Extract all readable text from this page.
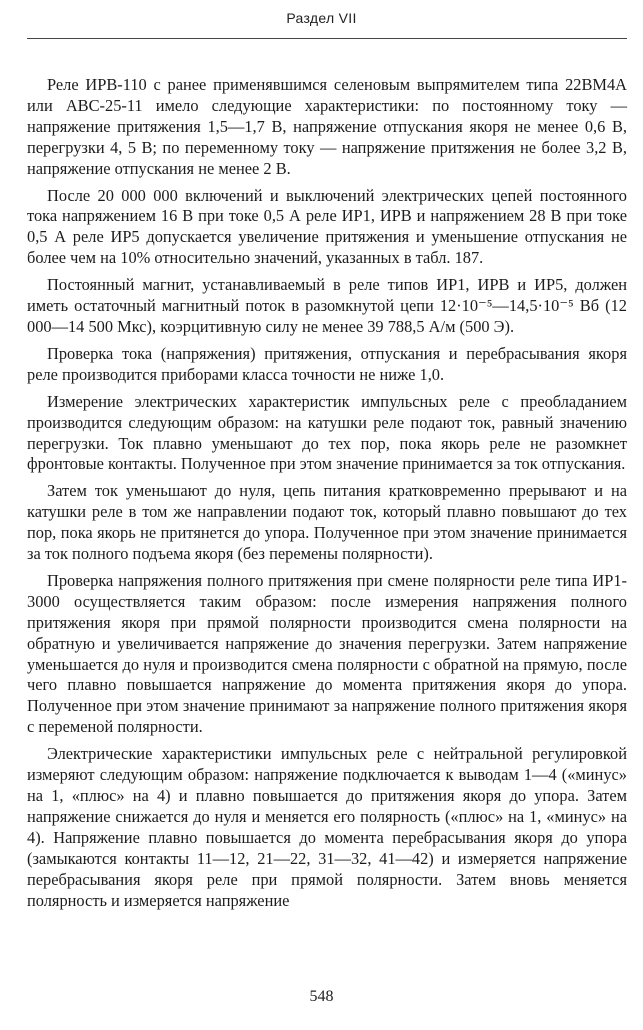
Раздел VII

Реле ИРВ-110 с ранее применявшимся селеновым выпрямителем типа 22ВМ4А или АВС-25-11 имело следующие характеристики: по постоянному току — напряжение притяжения 1,5—1,7 В, напряжение отпускания якоря не менее 0,6 В, перегрузки 4, 5 В; по переменному току — напряжение притяжения не более 3,2 В, напряжение отпускания не менее 2 В.

После 20 000 000 включений и выключений электрических цепей постоянного тока напряжением 16 В при токе 0,5 А реле ИР1, ИРВ и напряжением 28 В при токе 0,5 А реле ИР5 допускается увеличение притяжения и уменьшение отпускания не более чем на 10% относительно значений, указанных в табл. 187.

Постоянный магнит, устанавливаемый в реле типов ИР1, ИРВ и ИР5, должен иметь остаточный магнитный поток в разомкнутой цепи 12·10⁻⁵—14,5·10⁻⁵ Вб (12 000—14 500 Мкс), коэрцитивную силу не менее 39 788,5 А/м (500 Э).

Проверка тока (напряжения) притяжения, отпускания и перебрасывания якоря реле производится приборами класса точности не ниже 1,0.

Измерение электрических характеристик импульсных реле с преобладанием производится следующим образом: на катушки реле подают ток, равный значению перегрузки. Ток плавно уменьшают до тех пор, пока якорь реле не разомкнет фронтовые контакты. Полученное при этом значение принимается за ток отпускания.

Затем ток уменьшают до нуля, цепь питания кратковременно прерывают и на катушки реле в том же направлении подают ток, который плавно повышают до тех пор, пока якорь не притянется до упора. Полученное при этом значение принимается за ток полного подъема якоря (без перемены полярности).

Проверка напряжения полного притяжения при смене полярности реле типа ИР1-3000 осуществляется таким образом: после измерения напряжения полного притяжения якоря при прямой полярности производится смена полярности на обратную и увеличивается напряжение до значения перегрузки. Затем напряжение уменьшается до нуля и производится смена полярности с обратной на прямую, после чего плавно повышается напряжение до момента притяжения якоря до упора. Полученное при этом значение принимают за напряжение полного притяжения якоря с переменой полярности.

Электрические характеристики импульсных реле с нейтральной регулировкой измеряют следующим образом: напряжение подключается к выводам 1—4 («минус» на 1, «плюс» на 4) и плавно повышается до притяжения якоря до упора. Затем напряжение снижается до нуля и меняется его полярность («плюс» на 1, «минус» на 4). Напряжение плавно повышается до момента перебрасывания якоря до упора (замыкаются контакты 11—12, 21—22, 31—32, 41—42) и измеряется напряжение перебрасывания якоря реле при прямой полярности. Затем вновь меняется полярность и измеряется напряжение

548
